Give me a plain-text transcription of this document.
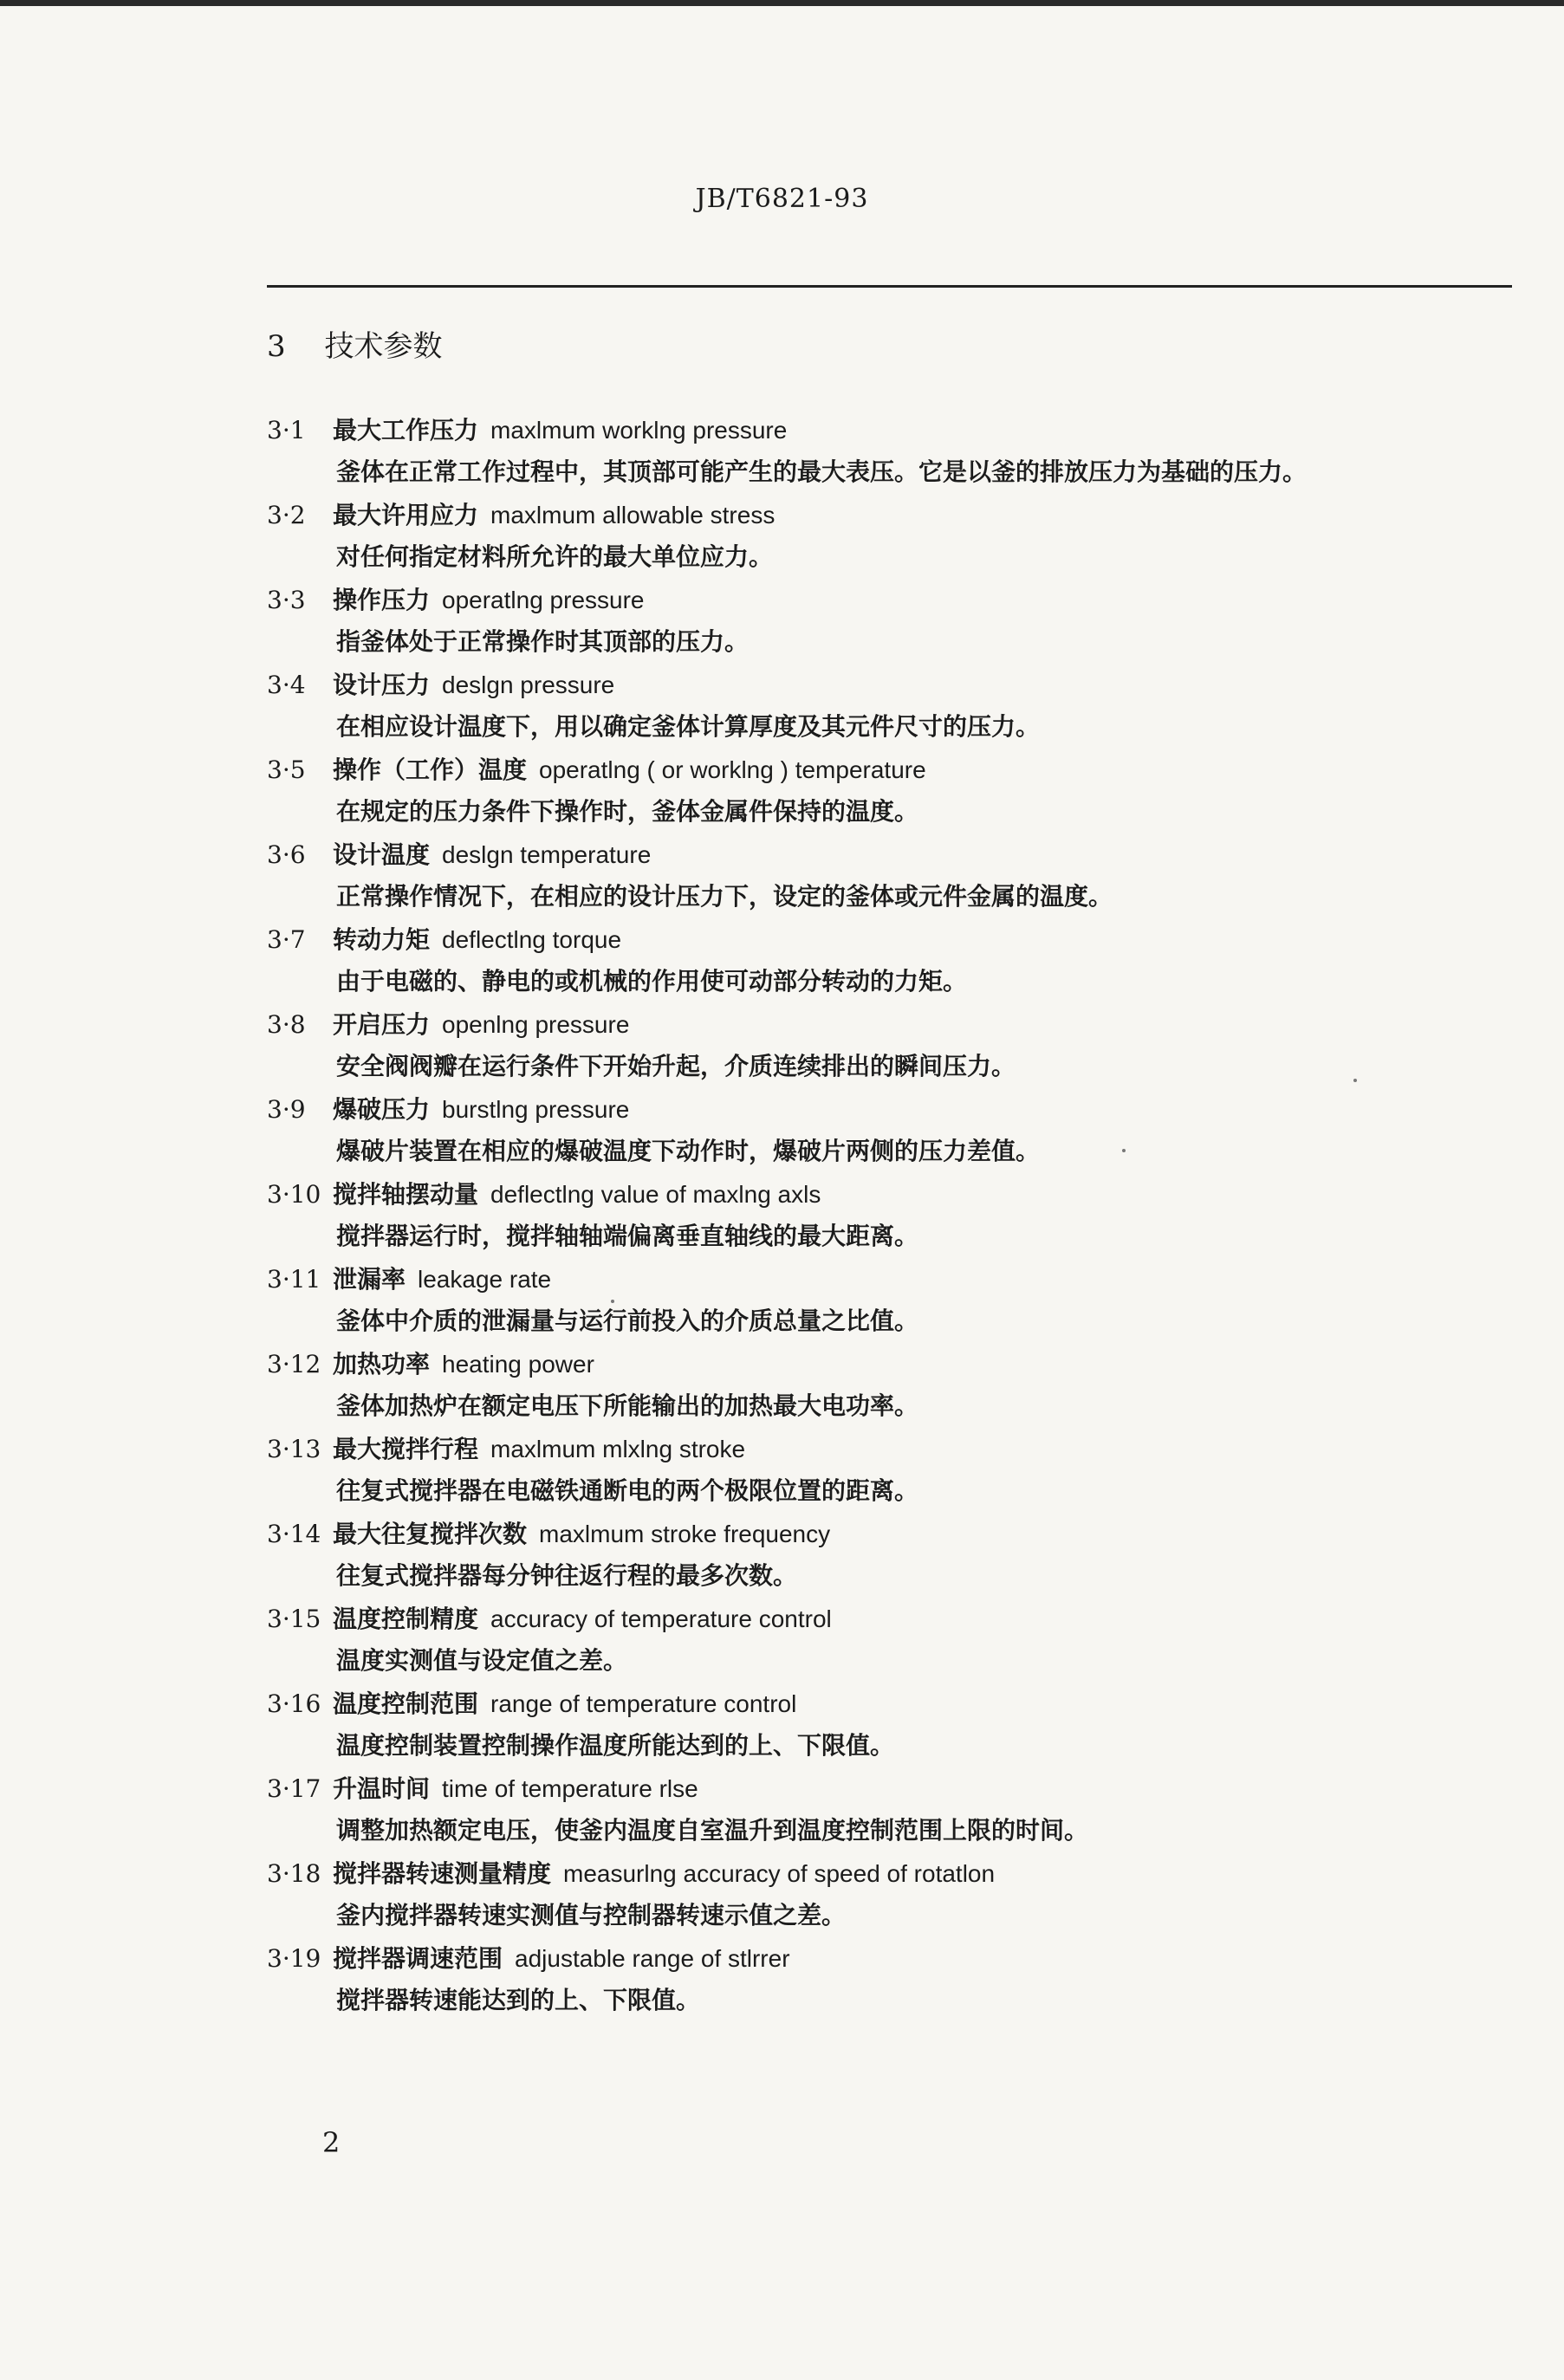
JB/T6821-93
3 技术参数
3·1	最大工作压力 maxlmum worklng pressure
釜体在正常工作过程中，其顶部可能产生的最大表压。它是以釜的排放压力为基础的压力。
3·2	最大许用应力 maxlmum allowable stress
对任何指定材料所允许的最大单位应力。
3·3	操作压力 operatlng pressure
指釜体处于正常操作时其顶部的压力。
3·4	设计压力 deslgn pressure
在相应设计温度下，用以确定釜体计算厚度及其元件尺寸的压力。
3·5	操作（工作）温度 operatlng ( or worklng ) temperature
在规定的压力条件下操作时，釜体金属件保持的温度。
3·6	设计温度 deslgn temperature
正常操作情况下，在相应的设计压力下，设定的釜体或元件金属的温度。
3·7	转动力矩 deflectlng torque
由于电磁的、静电的或机械的作用使可动部分转动的力矩。
3·8	开启压力 openlng pressure
安全阀阀瓣在运行条件下开始升起，介质连续排出的瞬间压力。
3·9	爆破压力 burstlng pressure
爆破片装置在相应的爆破温度下动作时，爆破片两侧的压力差值。
3·10 搅拌轴摆动量 deflectlng value of maxlng axls
搅拌器运行时，搅拌轴轴端偏离垂直轴线的最大距离。
3·11 泄漏率 leakage rate
釜体中介质的泄漏量与运行前投入的介质总量之比值。
3·12 加热功率 heating power
釜体加热炉在额定电压下所能输出的加热最大电功率。
3·13 最大搅拌行程 maxlmum mlxlng stroke
往复式搅拌器在电磁铁通断电的两个极限位置的距离。
3·14 最大往复搅拌次数 maxlmum stroke frequency
往复式搅拌器每分钟往返行程的最多次数。
3·15 温度控制精度 accuracy of temperature control
温度实测值与设定值之差。
3·16 温度控制范围 range of temperature control
温度控制装置控制操作温度所能达到的上、下限值。
3·17 升温时间 time of temperature rlse
调整加热额定电压，使釜内温度自室温升到温度控制范围上限的时间。
3·18 搅拌器转速测量精度 measurlng accuracy of speed of rotatlon
釜内搅拌器转速实测值与控制器转速示值之差。
3·19 搅拌器调速范围 adjustable range of stlrrer
搅拌器转速能达到的上、下限值。
2
